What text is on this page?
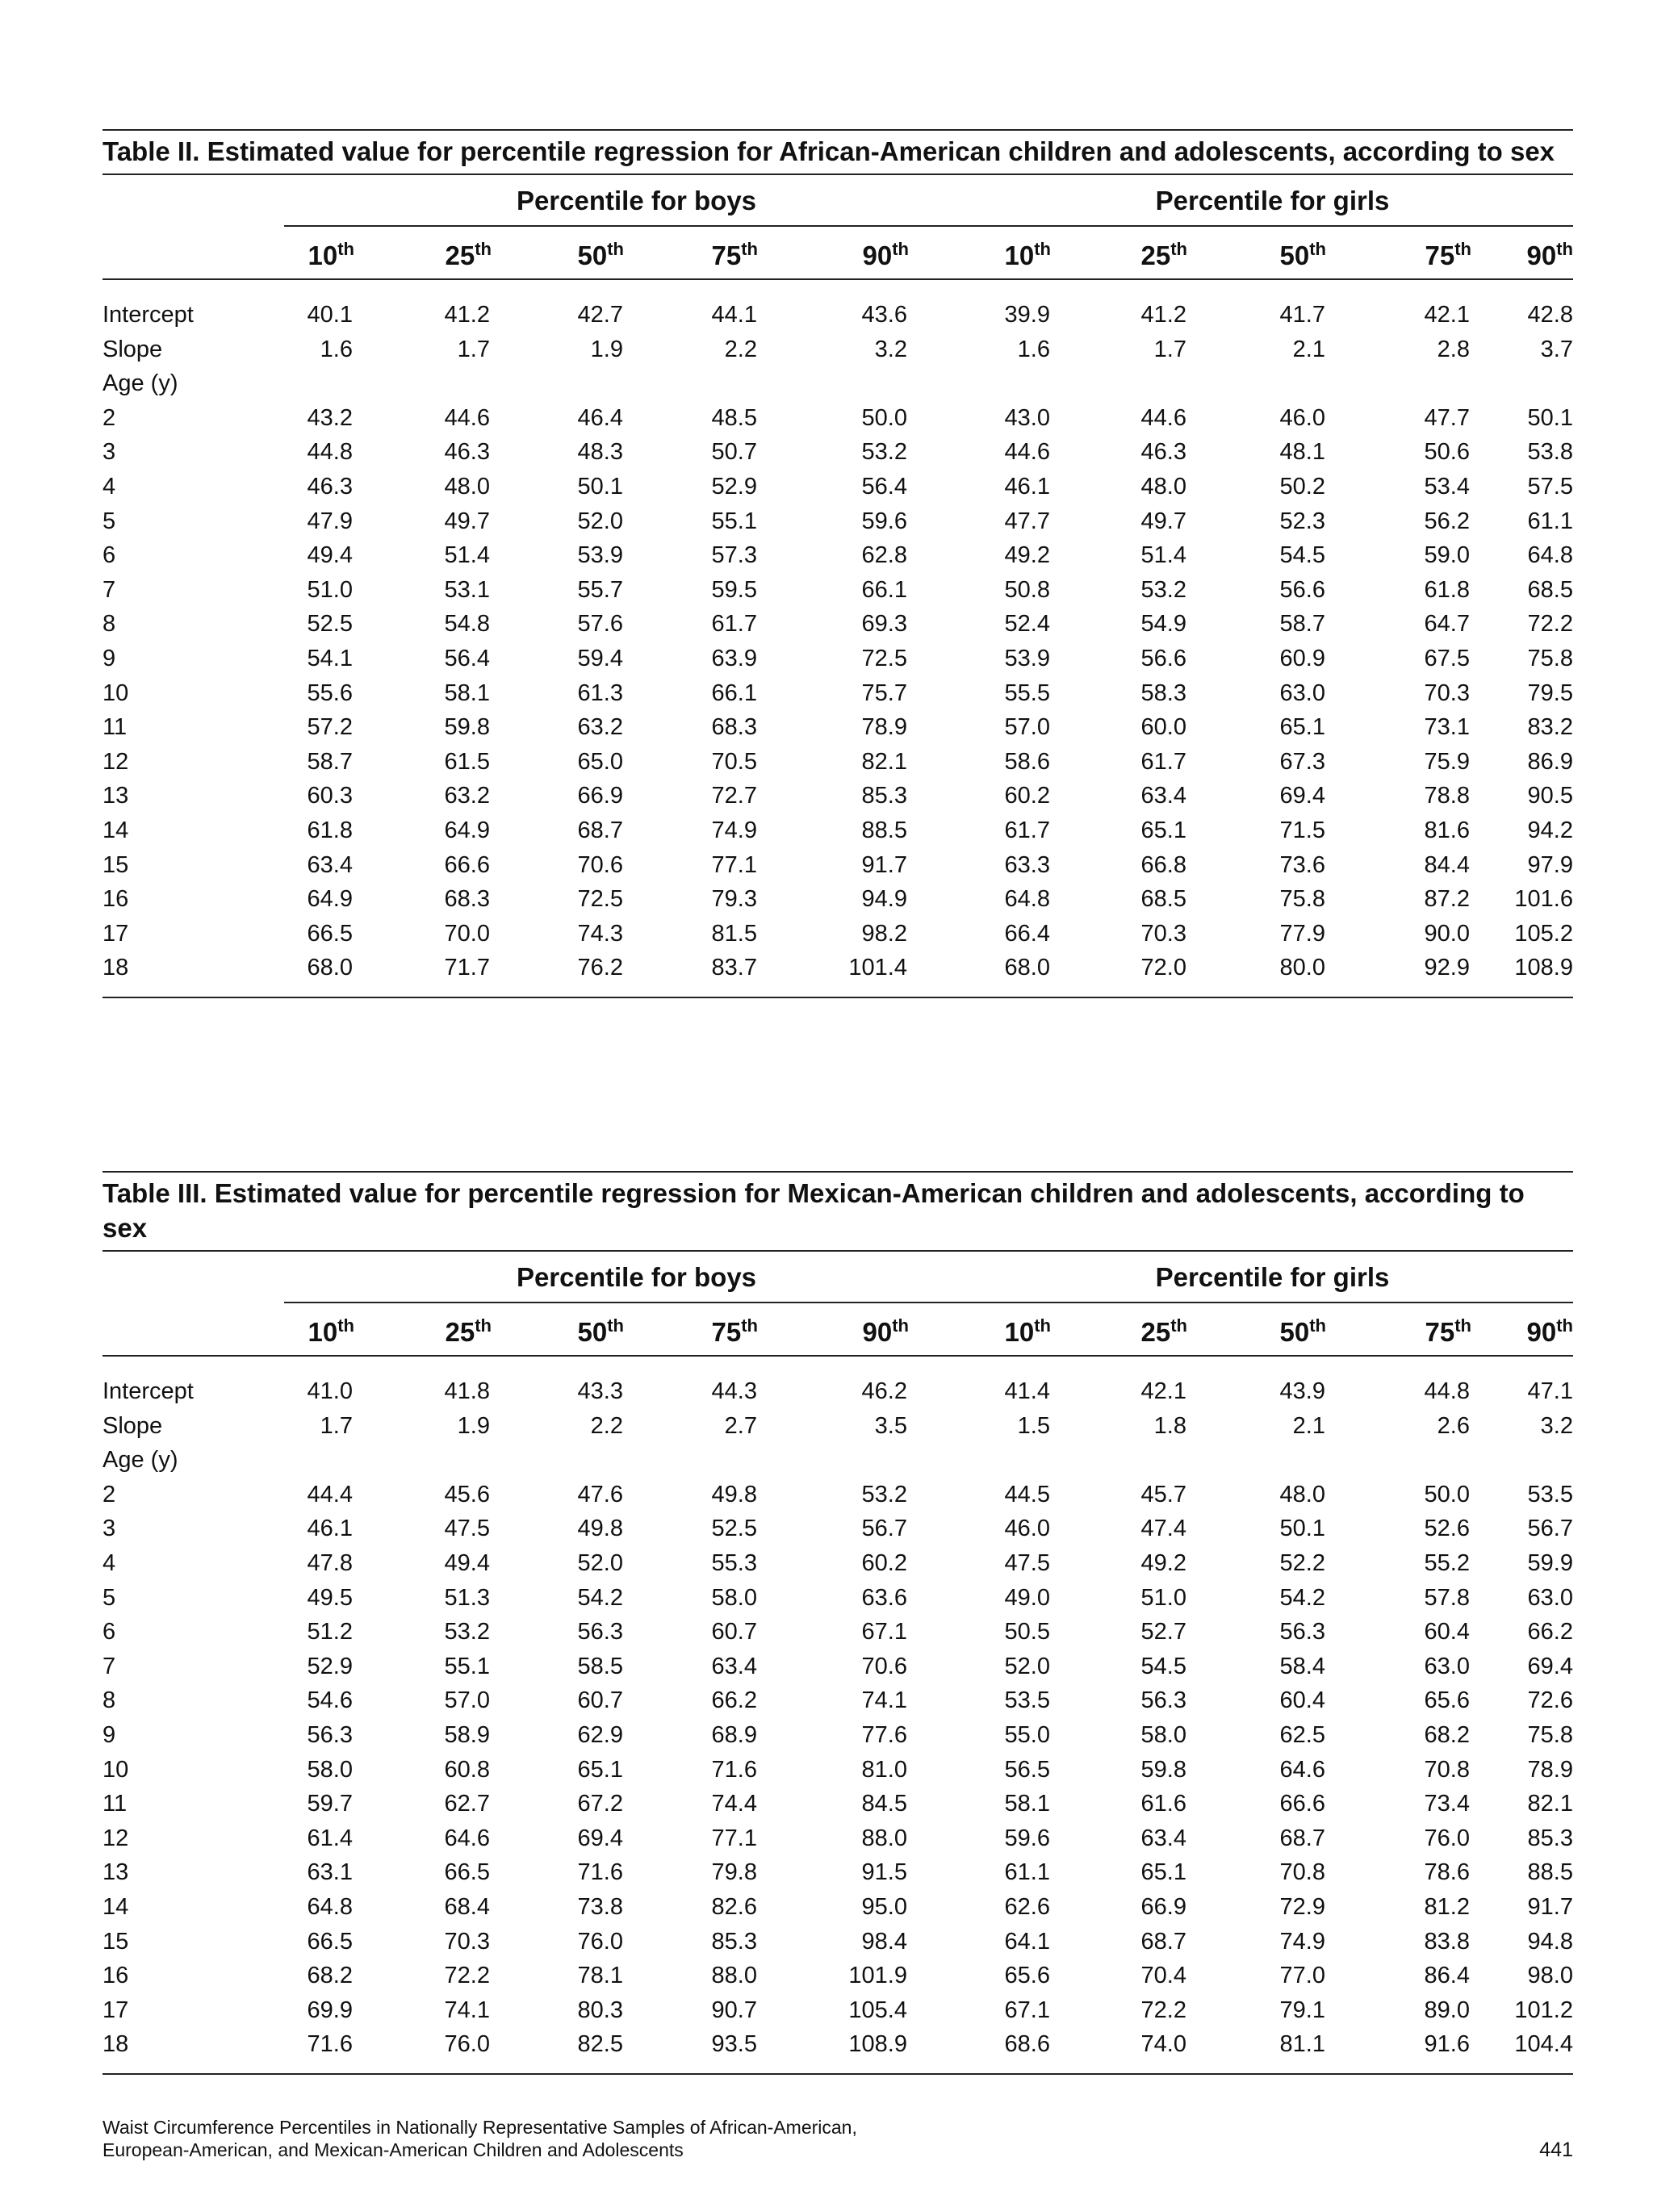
Table II. Estimated value for percentile regression for African-American children and adolescents, according to sex
Percentile for boys	Percentile for girls
10th	25th	50th	75th	90th	10th	25th	50th	75th	90th
Intercept	40.1	41.2	42.7	44.1	43.6	39.9	41.2	41.7	42.1	42.8
Slope	1.6	1.7	1.9	2.2	3.2	1.6	1.7	2.1	2.8	3.7
Age (y)
2	43.2	44.6	46.4	48.5	50.0	43.0	44.6	46.0	47.7	50.1
3	44.8	46.3	48.3	50.7	53.2	44.6	46.3	48.1	50.6	53.8
4	46.3	48.0	50.1	52.9	56.4	46.1	48.0	50.2	53.4	57.5
5	47.9	49.7	52.0	55.1	59.6	47.7	49.7	52.3	56.2	61.1
6	49.4	51.4	53.9	57.3	62.8	49.2	51.4	54.5	59.0	64.8
7	51.0	53.1	55.7	59.5	66.1	50.8	53.2	56.6	61.8	68.5
8	52.5	54.8	57.6	61.7	69.3	52.4	54.9	58.7	64.7	72.2
9	54.1	56.4	59.4	63.9	72.5	53.9	56.6	60.9	67.5	75.8
10	55.6	58.1	61.3	66.1	75.7	55.5	58.3	63.0	70.3	79.5
11	57.2	59.8	63.2	68.3	78.9	57.0	60.0	65.1	73.1	83.2
12	58.7	61.5	65.0	70.5	82.1	58.6	61.7	67.3	75.9	86.9
13	60.3	63.2	66.9	72.7	85.3	60.2	63.4	69.4	78.8	90.5
14	61.8	64.9	68.7	74.9	88.5	61.7	65.1	71.5	81.6	94.2
15	63.4	66.6	70.6	77.1	91.7	63.3	66.8	73.6	84.4	97.9
16	64.9	68.3	72.5	79.3	94.9	64.8	68.5	75.8	87.2	101.6
17	66.5	70.0	74.3	81.5	98.2	66.4	70.3	77.9	90.0	105.2
18	68.0	71.7	76.2	83.7	101.4	68.0	72.0	80.0	92.9	108.9
Table III. Estimated value for percentile regression for Mexican-American children and adolescents, according to sex
Percentile for boys	Percentile for girls
10th	25th	50th	75th	90th	10th	25th	50th	75th	90th
Intercept	41.0	41.8	43.3	44.3	46.2	41.4	42.1	43.9	44.8	47.1
Slope	1.7	1.9	2.2	2.7	3.5	1.5	1.8	2.1	2.6	3.2
Age (y)
2	44.4	45.6	47.6	49.8	53.2	44.5	45.7	48.0	50.0	53.5
3	46.1	47.5	49.8	52.5	56.7	46.0	47.4	50.1	52.6	56.7
4	47.8	49.4	52.0	55.3	60.2	47.5	49.2	52.2	55.2	59.9
5	49.5	51.3	54.2	58.0	63.6	49.0	51.0	54.2	57.8	63.0
6	51.2	53.2	56.3	60.7	67.1	50.5	52.7	56.3	60.4	66.2
7	52.9	55.1	58.5	63.4	70.6	52.0	54.5	58.4	63.0	69.4
8	54.6	57.0	60.7	66.2	74.1	53.5	56.3	60.4	65.6	72.6
9	56.3	58.9	62.9	68.9	77.6	55.0	58.0	62.5	68.2	75.8
10	58.0	60.8	65.1	71.6	81.0	56.5	59.8	64.6	70.8	78.9
11	59.7	62.7	67.2	74.4	84.5	58.1	61.6	66.6	73.4	82.1
12	61.4	64.6	69.4	77.1	88.0	59.6	63.4	68.7	76.0	85.3
13	63.1	66.5	71.6	79.8	91.5	61.1	65.1	70.8	78.6	88.5
14	64.8	68.4	73.8	82.6	95.0	62.6	66.9	72.9	81.2	91.7
15	66.5	70.3	76.0	85.3	98.4	64.1	68.7	74.9	83.8	94.8
16	68.2	72.2	78.1	88.0	101.9	65.6	70.4	77.0	86.4	98.0
17	69.9	74.1	80.3	90.7	105.4	67.1	72.2	79.1	89.0	101.2
18	71.6	76.0	82.5	93.5	108.9	68.6	74.0	81.1	91.6	104.4
Waist Circumference Percentiles in Nationally Representative Samples of African-American,
European-American, and Mexican-American Children and Adolescents	441
